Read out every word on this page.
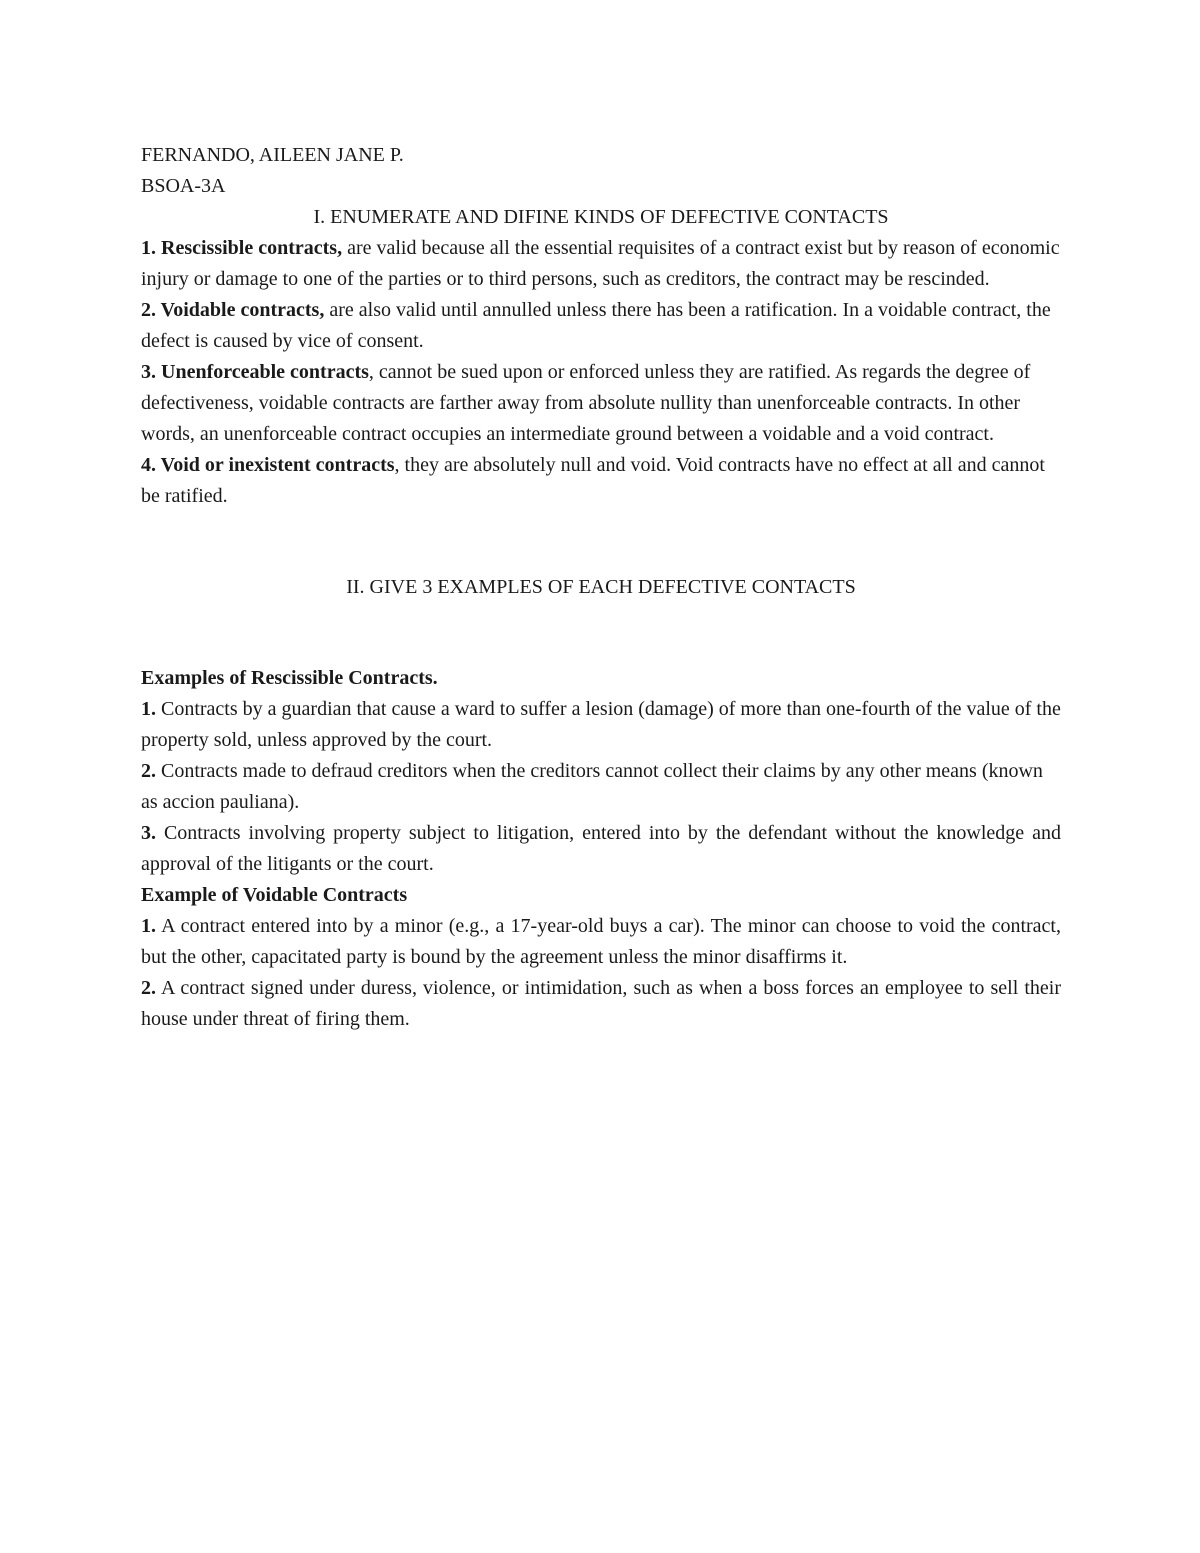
FERNANDO, AILEEN JANE P.

BSOA-3A

I. ENUMERATE AND DIFINE KINDS OF DEFECTIVE CONTACTS

1. Rescissible contracts, are valid because all the essential requisites of a contract exist but by reason of economic injury or damage to one of the parties or to third persons, such as creditors, the contract may be rescinded.

2. Voidable contracts, are also valid until annulled unless there has been a ratification. In a voidable contract, the defect is caused by vice of consent.

3. Unenforceable contracts, cannot be sued upon or enforced unless they are ratified. As regards the degree of defectiveness, voidable contracts are farther away from absolute nullity than unenforceable contracts. In other words, an unenforceable contract occupies an intermediate ground between a voidable and a void contract.

4. Void or inexistent contracts, they are absolutely null and void. Void contracts have no effect at all and cannot be ratified.

II. GIVE 3 EXAMPLES OF EACH DEFECTIVE CONTACTS

Examples of Rescissible Contracts.

1. Contracts by a guardian that cause a ward to suffer a lesion (damage) of more than one-fourth of the value of the property sold, unless approved by the court.

2. Contracts made to defraud creditors when the creditors cannot collect their claims by any other means (known as accion pauliana).

3. Contracts involving property subject to litigation, entered into by the defendant without the knowledge and approval of the litigants or the court.

Example of Voidable Contracts

1. A contract entered into by a minor (e.g., a 17-year-old buys a car). The minor can choose to void the contract, but the other, capacitated party is bound by the agreement unless the minor disaffirms it.

2. A contract signed under duress, violence, or intimidation, such as when a boss forces an employee to sell their house under threat of firing them.
